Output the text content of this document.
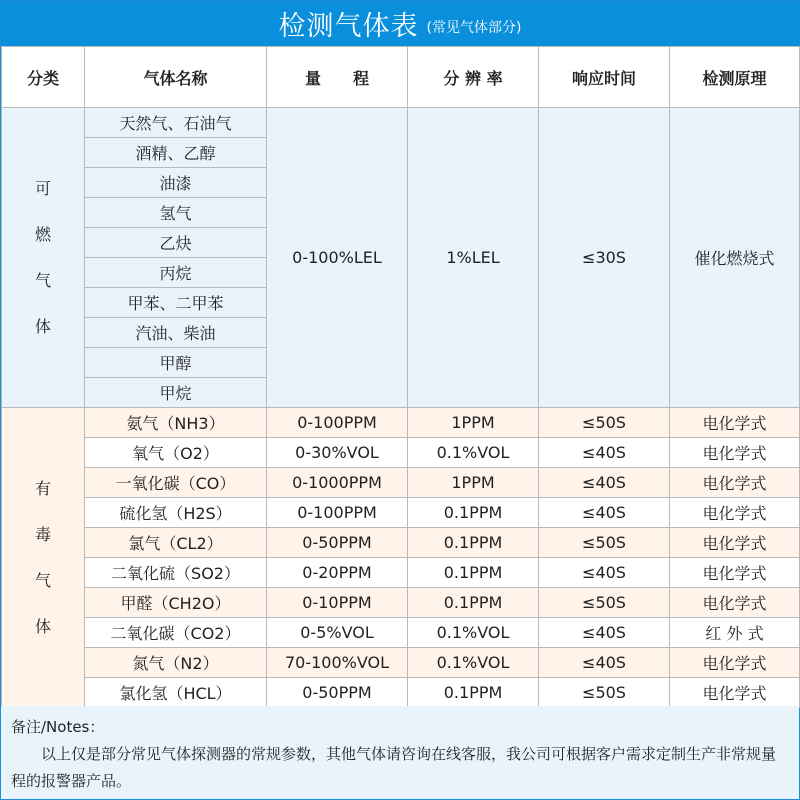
检测气体表 (常见气体部分)
分类	气体名称	量　　程	分 辨 率	响应时间	检测原理

可
燃
气
体	天然气、石油气	0-100%LEL	1%LEL	≤30S	催化燃烧式
	酒精、乙醇				
	油漆				
	氢气				
	乙炔				
	丙烷				
	甲苯、二甲苯				
	汽油、柴油				
	甲醇				
	甲烷				

有
毒
气
体	氨气（NH3）	0-100PPM	1PPM	≤50S	电化学式
	氧气（O2）	0-30%VOL	0.1%VOL	≤40S	电化学式
	一氧化碳（CO）	0-1000PPM	1PPM	≤40S	电化学式
	硫化氢（H2S）	0-100PPM	0.1PPM	≤40S	电化学式
	氯气（CL2）	0-50PPM	0.1PPM	≤50S	电化学式
	二氧化硫（SO2）	0-20PPM	0.1PPM	≤40S	电化学式
	甲醛（CH2O）	0-10PPM	0.1PPM	≤50S	电化学式
	二氧化碳（CO2）	0-5%VOL	0.1%VOL	≤40S	红 外 式
	氮气（N2）	70-100%VOL	0.1%VOL	≤40S	电化学式
	氯化氢（HCL）	0-50PPM	0.1PPM	≤50S	电化学式
备注/Notes：
以上仅是部分常见气体探测器的常规参数，其他气体请咨询在线客服，我公司可根据客户需求定制生产非常规量程的报警器产品。
